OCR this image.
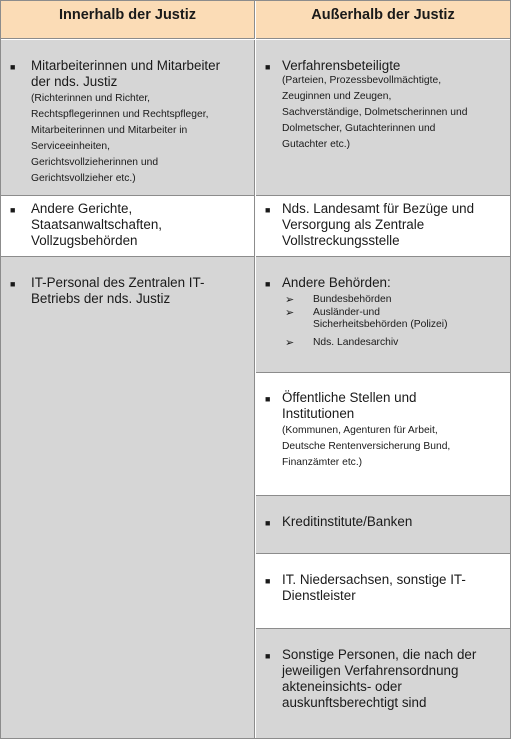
Innerhalb der Justiz	Außerhalb der Justiz
■ Mitarbeiterinnen und Mitarbeiter
der nds. Justiz
(Richterinnen und Richter,
Rechtspflegerinnen und Rechtspfleger,
Mitarbeiterinnen und Mitarbeiter in
Serviceeinheiten,
Gerichtsvollzieherinnen und
Gerichtsvollzieher etc.)
■ Andere Gerichte,
Staatsanwaltschaften,
Vollzugsbehörden
■ IT-Personal des Zentralen IT-
Betriebs der nds. Justiz
■ Verfahrensbeteiligte
(Parteien, Prozessbevollmächtigte,
Zeuginnen und Zeugen,
Sachverständige, Dolmetscherinnen und
Dolmetscher, Gutachterinnen und
Gutachter etc.)
■ Nds. Landesamt für Bezüge und
Versorgung als Zentrale
Vollstreckungsstelle
■ Andere Behörden:
➢ Bundesbehörden
➢ Ausländer-und
Sicherheitsbehörden (Polizei)
➢ Nds. Landesarchiv
■ Öffentliche Stellen und
Institutionen
(Kommunen, Agenturen für Arbeit,
Deutsche Rentenversicherung Bund,
Finanzämter etc.)
■ Kreditinstitute/Banken
■ IT. Niedersachsen, sonstige IT-
Dienstleister
■ Sonstige Personen, die nach der
jeweiligen Verfahrensordnung
akteneinsichts- oder
auskunftsberechtigt sind
